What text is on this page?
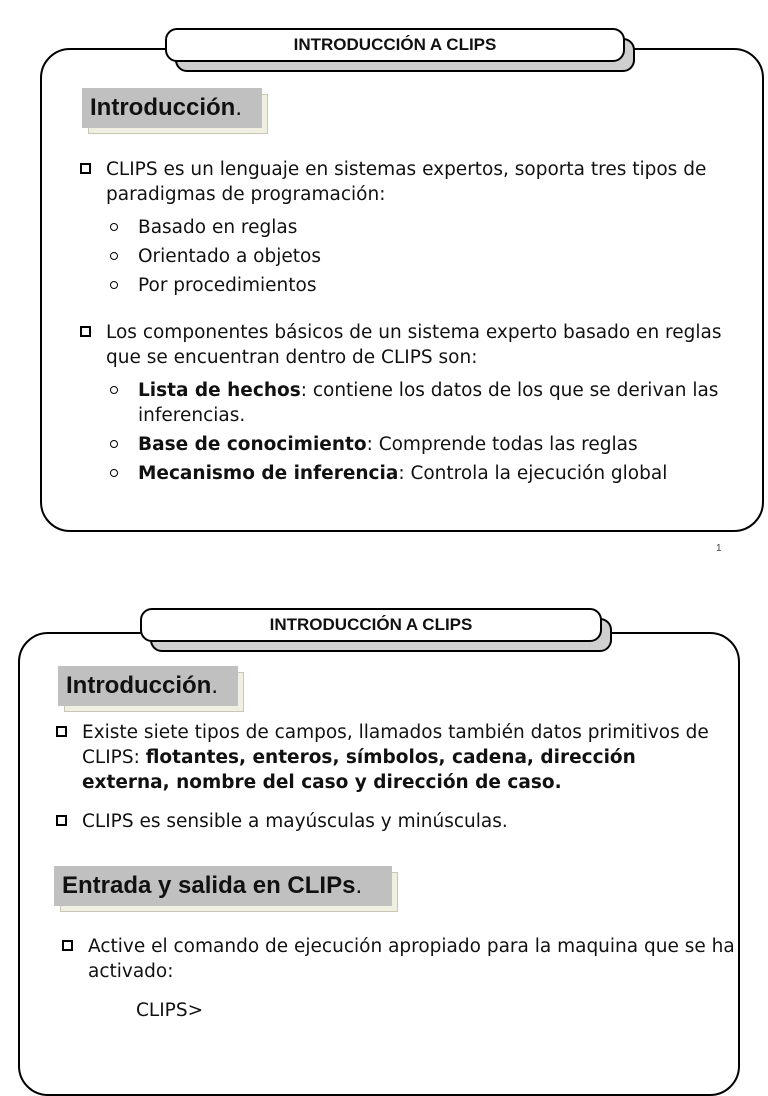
INTRODUCCIÓN A CLIPS
Introducción .
CLIPS es un lenguaje en sistemas expertos, soporta tres tipos de paradigmas de programación:
Basado en reglas
Orientado a objetos
Por procedimientos
Los componentes básicos de un sistema experto basado en reglas que se encuentran dentro de CLIPS son:
Lista de hechos: contiene los datos de los que se derivan las inferencias.
Base de conocimiento: Comprende todas las reglas
Mecanismo de inferencia: Controla la ejecución global
1
INTRODUCCIÓN A CLIPS
Introducción .
Existe siete tipos de campos, llamados también datos primitivos de CLIPS: flotantes, enteros, símbolos, cadena, dirección externa, nombre del caso y dirección de caso.
CLIPS es sensible a mayúsculas y minúsculas.
Entrada y salida en CLIPs .
Active el comando de ejecución apropiado para la maquina que se ha activado:
CLIPS>
